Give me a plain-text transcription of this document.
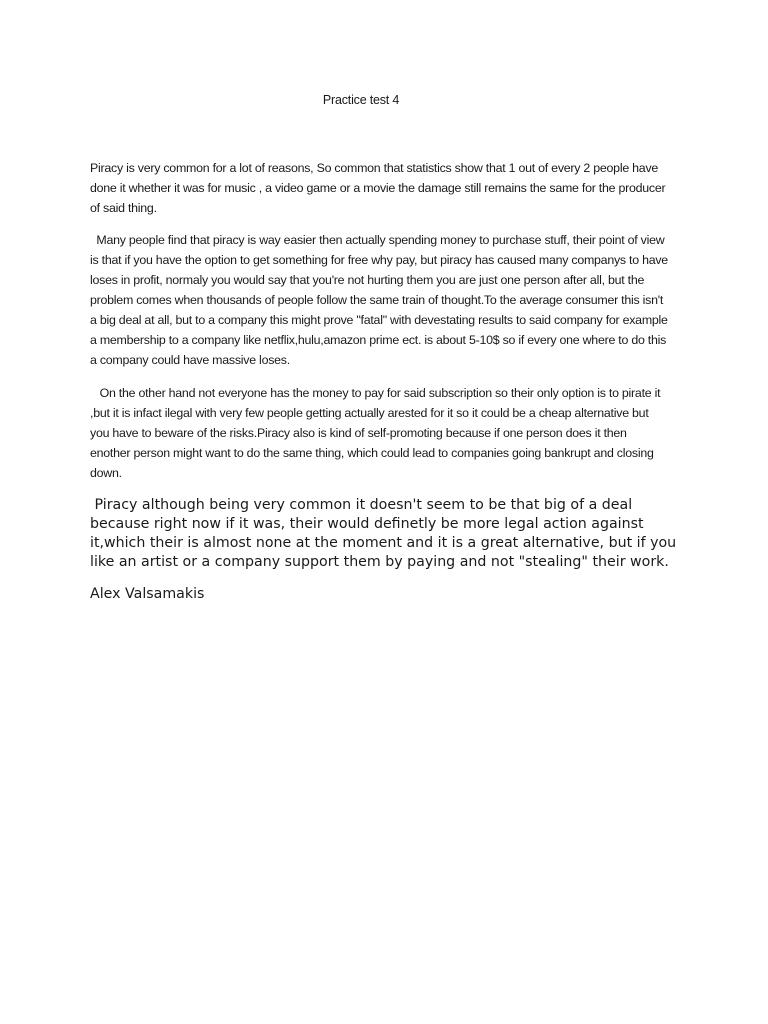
Practice test 4

Piracy is very common for a lot of reasons, So common that statistics show that 1 out of every 2 people have done it whether it was for music , a video game or a movie the damage still remains the same for the producer of said thing.

Many people find that piracy is way easier then actually spending money to purchase stuff, their point of view is that if you have the option to get something for free why pay, but piracy has caused many companys to have loses in profit, normaly you would say that you're not hurting them you are just one person after all, but the problem comes when thousands of people follow the same train of thought.To the average consumer this isn't a big deal at all, but to a company this might prove "fatal" with devestating results to said company for example a membership to a company like netflix,hulu,amazon prime ect. is about 5-10$ so if every one where to do this a company could have massive loses.

On the other hand not everyone has the money to pay for said subscription so their only option is to pirate it ,but it is infact ilegal with very few people getting actually arested for it so it could be a cheap alternative but you have to beware of the risks.Piracy also is kind of self-promoting because if one person does it then enother person might want to do the same thing, which could lead to companies going bankrupt and closing down.

Piracy although being very common it doesn't seem to be that big of a deal because right now if it was, their would definetly be more legal action against it,which their is almost none at the moment and it is a great alternative, but if you like an artist or a company support them by paying and not "stealing" their work.

Alex Valsamakis
